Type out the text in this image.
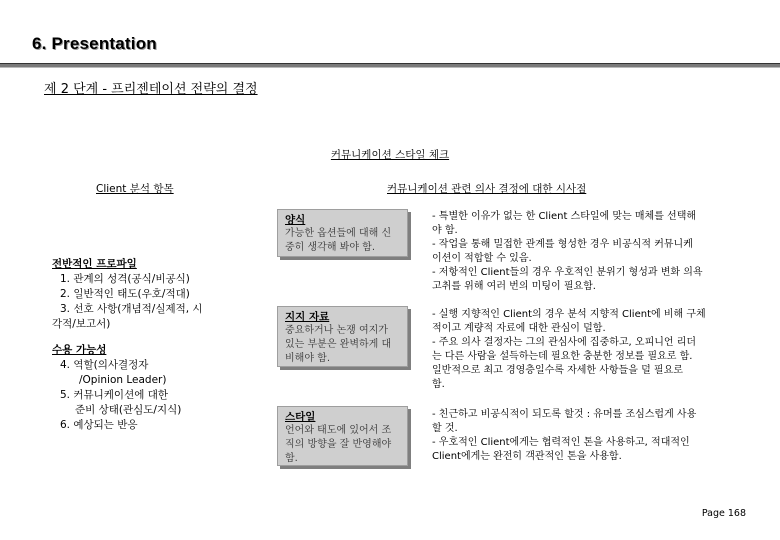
6. Presentation
제 2 단계 - 프리젠테이션 전략의 결정
커뮤니케이션 스타일 체크
Client 분석 항목	커뮤니케이션 관련 의사 결정에 대한 시사점
전반적인 프로파일
1. 관계의 성격(공식/비공식)
2. 일반적인 태도(우호/적대)
3. 선호 사항(개념적/실제적, 시
각적/보고서)
수용 가능성
4. 역할(의사결정자
/Opinion Leader)
5. 커뮤니케이션에 대한
준비 상태(관심도/지식)
6. 예상되는 반응
양식
가능한 옵션들에 대해 신
중히 생각해 봐야 함.
- 특별한 이유가 없는 한 Client 스타일에 맞는 매체를 선택해
야 함.
- 작업을 통해 밀접한 관계를 형성한 경우 비공식적 커뮤니케
이션이 적합할 수 있음.
- 저항적인 Client들의 경우 우호적인 분위기 형성과 변화 의욕
고취를 위해 여러 번의 미팅이 필요함.
지지 자료
중요하거나 논쟁 여지가
있는 부분은 완벽하게 대
비해야 함.
- 실행 지향적인 Client의 경우 분석 지향적 Client에 비해 구체
적이고 계량적 자료에 대한 관심이 덜함.
- 주요 의사 결정자는 그의 관심사에 집중하고, 오피니언 리더
는 다른 사람을 설득하는데 필요한 충분한 정보를 필요로 함.
일반적으로 최고 경영층일수록 자세한 사항들을 덜 필요로
함.
스타일
언어와 태도에 있어서 조
직의 방향을 잘 반영해야
함.
- 친근하고 비공식적이 되도록 할것 : 유머를 조심스럽게 사용
할 것.
- 우호적인 Client에게는 협력적인 톤을 사용하고, 적대적인
Client에게는 완전히 객관적인 톤을 사용함.
Page 168
